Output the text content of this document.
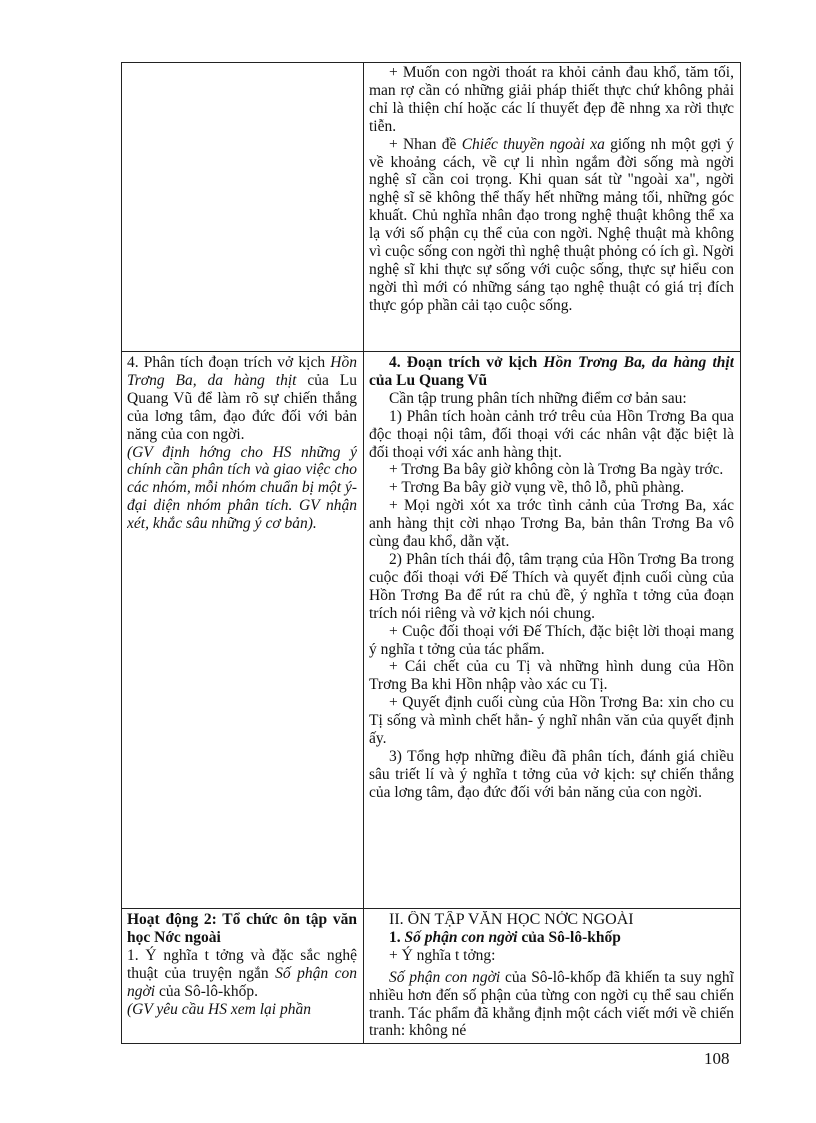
+ Muốn con ngời thoát ra khỏi cảnh đau khổ, tăm tối, man rợ cần có những giải pháp thiết thực chứ không phải chỉ là thiện chí hoặc các lí thuyết đẹp đẽ nhng xa rời thực tiễn.

+ Nhan đề Chiếc thuyền ngoài xa giống nh một gợi ý về khoảng cách, về cự li nhìn ngắm đời sống mà ngời nghệ sĩ cần coi trọng. Khi quan sát từ "ngoài xa", ngời nghệ sĩ sẽ không thể thấy hết những mảng tối, những góc khuất. Chủ nghĩa nhân đạo trong nghệ thuật không thể xa lạ với số phận cụ thể của con ngời. Nghệ thuật mà không vì cuộc sống con ngời thì nghệ thuật phỏng có ích gì. Ngời nghệ sĩ khi thực sự sống với cuộc sống, thực sự hiểu con ngời thì mới có những sáng tạo nghệ thuật có giá trị đích thực góp phần cải tạo cuộc sống.

4. Phân tích đoạn trích vở kịch Hồn Trơng Ba, da hàng thịt của Lu Quang Vũ để làm rõ sự chiến thắng của lơng tâm, đạo đức đối với bản năng của con ngời.

(GV định hớng cho HS những ý chính cần phân tích và giao việc cho các nhóm, mỗi nhóm chuẩn bị một ý- đại diện nhóm phân tích. GV nhận xét, khắc sâu những ý cơ bản).

4. Đoạn trích vở kịch Hồn Trơng Ba, da hàng thịt của Lu Quang Vũ

Cần tập trung phân tích những điểm cơ bản sau:

1) Phân tích hoàn cảnh trớ trêu của Hồn Trơng Ba qua độc thoại nội tâm, đối thoại với các nhân vật đặc biệt là đối thoại với xác anh hàng thịt.

+ Trơng Ba bây giờ không còn là Trơng Ba ngày trớc.

+ Trơng Ba bây giờ vụng về, thô lỗ, phũ phàng.

+ Mọi ngời xót xa trớc tình cảnh của Trơng Ba, xác anh hàng thịt cời nhạo Trơng Ba, bản thân Trơng Ba vô cùng đau khổ, dằn vặt.

2) Phân tích thái độ, tâm trạng của Hồn Trơng Ba trong cuộc đối thoại với Đế Thích và quyết định cuối cùng của Hồn Trơng Ba để rút ra chủ đề, ý nghĩa t tởng của đoạn trích nói riêng và vở kịch nói chung.

+ Cuộc đối thoại với Đế Thích, đặc biệt lời thoại mang ý nghĩa t tởng của tác phẩm.

+ Cái chết của cu Tị và những hình dung của Hồn Trơng Ba khi Hồn nhập vào xác cu Tị.

+ Quyết định cuối cùng của Hồn Trơng Ba: xin cho cu Tị sống và mình chết hẳn- ý nghĩ nhân văn của quyết định ấy.

3) Tổng hợp những điều đã phân tích, đánh giá chiều sâu triết lí và ý nghĩa t tởng của vở kịch: sự chiến thắng của lơng tâm, đạo đức đối với bản năng của con ngời.

Hoạt động 2: Tổ chức ôn tập văn học Nớc ngoài

1. Ý nghĩa t tởng và đặc sắc nghệ thuật của truyện ngắn Số phận con ngời của Sô-lô-khốp.

(GV yêu cầu HS xem lại phần

II. ÔN TẬP VĂN HỌC NỚC NGOÀI

1. Số phận con ngời của Sô-lô-khốp

+ Ý nghĩa t tởng:

Số phận con ngời của Sô-lô-khốp đã khiến ta suy nghĩ nhiều hơn đến số phận của từng con ngời cụ thể sau chiến tranh. Tác phẩm đã khẳng định một cách viết mới về chiến tranh: không né

108
